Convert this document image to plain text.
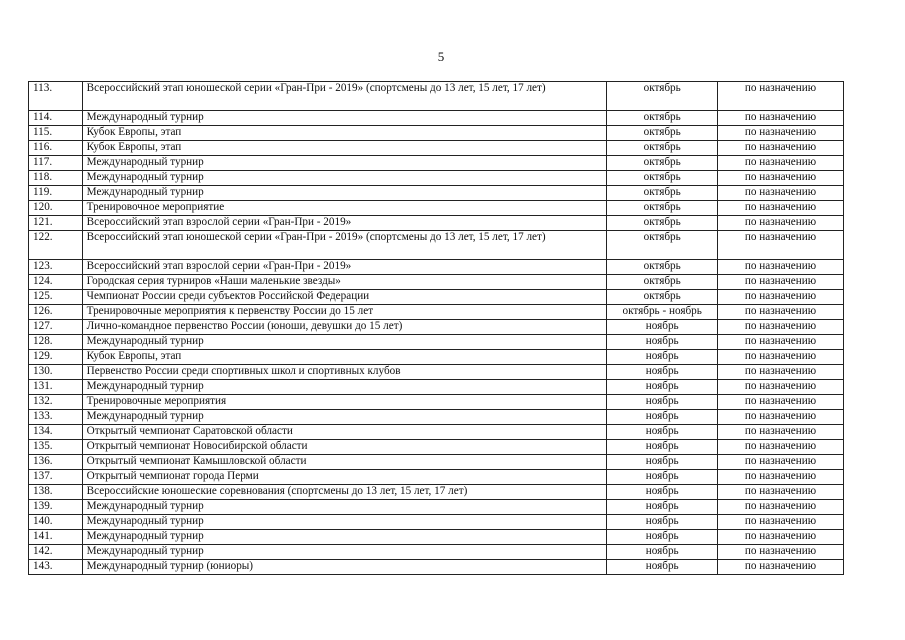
5
113.	Всероссийский этап юношеской серии «Гран-При - 2019» (спортсмены до 13 лет, 15 лет, 17 лет)	октябрь	по назначению
114.	Международный турнир	октябрь	по назначению
115.	Кубок Европы, этап	октябрь	по назначению
116.	Кубок Европы, этап	октябрь	по назначению
117.	Международный турнир	октябрь	по назначению
118.	Международный турнир	октябрь	по назначению
119.	Международный турнир	октябрь	по назначению
120.	Тренировочное мероприятие	октябрь	по назначению
121.	Всероссийский этап взрослой серии «Гран-При - 2019»	октябрь	по назначению
122.	Всероссийский этап юношеской серии «Гран-При - 2019» (спортсмены до 13 лет, 15 лет, 17 лет)	октябрь	по назначению
123.	Всероссийский этап взрослой серии «Гран-При - 2019»	октябрь	по назначению
124.	Городская серия турниров «Наши маленькие звезды»	октябрь	по назначению
125.	Чемпионат России среди субъектов Российской Федерации	октябрь	по назначению
126.	Тренировочные мероприятия к первенству России до 15 лет	октябрь - ноябрь	по назначению
127.	Лично-командное первенство России (юноши, девушки до 15 лет)	ноябрь	по назначению
128.	Международный турнир	ноябрь	по назначению
129.	Кубок Европы, этап	ноябрь	по назначению
130.	Первенство России среди спортивных школ и спортивных клубов	ноябрь	по назначению
131.	Международный турнир	ноябрь	по назначению
132.	Тренировочные мероприятия	ноябрь	по назначению
133.	Международный турнир	ноябрь	по назначению
134.	Открытый чемпионат Саратовской области	ноябрь	по назначению
135.	Открытый чемпионат Новосибирской области	ноябрь	по назначению
136.	Открытый чемпионат Камышловской области	ноябрь	по назначению
137.	Открытый чемпионат города Перми	ноябрь	по назначению
138.	Всероссийские юношеские соревнования (спортсмены до 13 лет, 15 лет, 17 лет)	ноябрь	по назначению
139.	Международный турнир	ноябрь	по назначению
140.	Международный турнир	ноябрь	по назначению
141.	Международный турнир	ноябрь	по назначению
142.	Международный турнир	ноябрь	по назначению
143.	Международный турнир (юниоры)	ноябрь	по назначению
